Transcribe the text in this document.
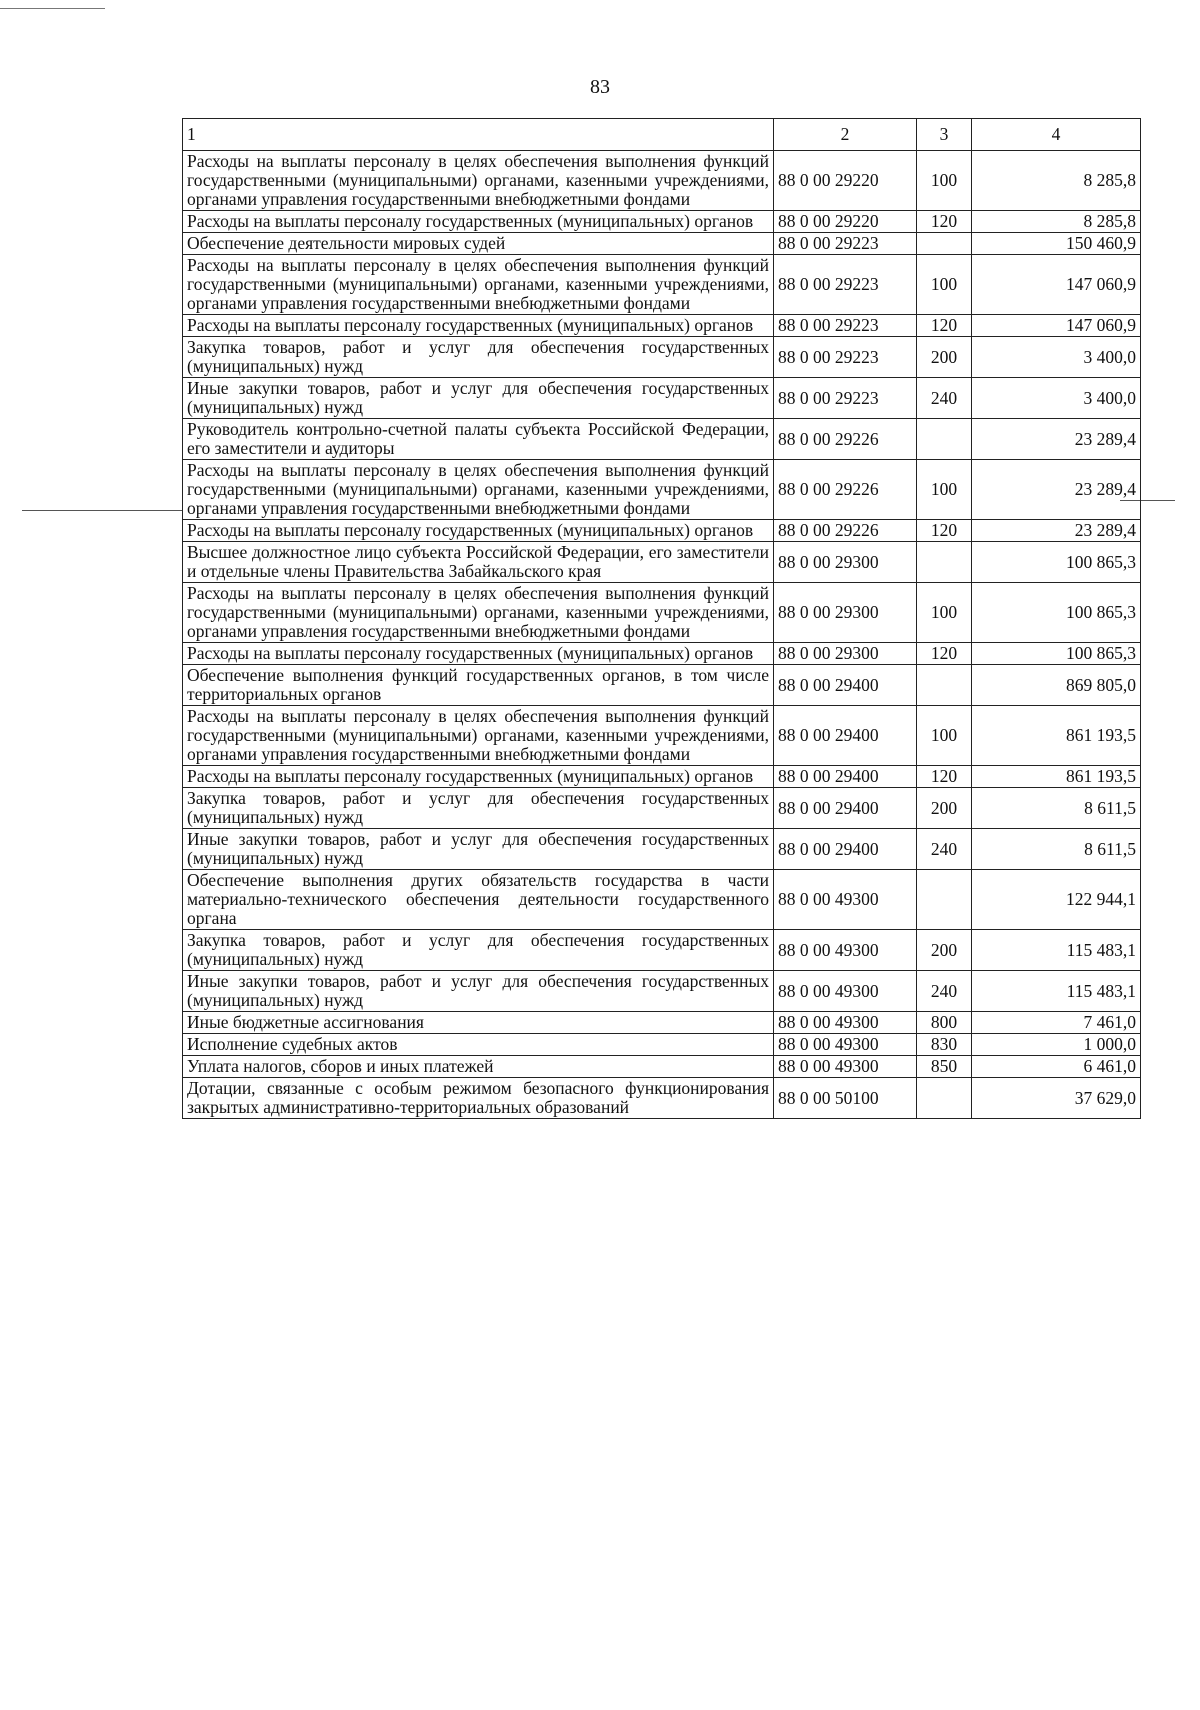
83
1	2	3	4
Расходы на выплаты персоналу в целях обеспечения выполнения функций государственными (муниципальными) органами, казенными учреждениями, органами управления государственными внебюджетными фондами	88 0 00 29220	100	8 285,8
Расходы на выплаты персоналу государственных (муниципальных) органов	88 0 00 29220	120	8 285,8
Обеспечение деятельности мировых судей	88 0 00 29223		150 460,9
Расходы на выплаты персоналу в целях обеспечения выполнения функций государственными (муниципальными) органами, казенными учреждениями, органами управления государственными внебюджетными фондами	88 0 00 29223	100	147 060,9
Расходы на выплаты персоналу государственных (муниципальных) органов	88 0 00 29223	120	147 060,9
Закупка товаров, работ и услуг для обеспечения государственных (муниципальных) нужд	88 0 00 29223	200	3 400,0
Иные закупки товаров, работ и услуг для обеспечения государственных (муниципальных) нужд	88 0 00 29223	240	3 400,0
Руководитель контрольно-счетной палаты субъекта Российской Федерации, его заместители и аудиторы	88 0 00 29226		23 289,4
Расходы на выплаты персоналу в целях обеспечения выполнения функций государственными (муниципальными) органами, казенными учреждениями, органами управления государственными внебюджетными фондами	88 0 00 29226	100	23 289,4
Расходы на выплаты персоналу государственных (муниципальных) органов	88 0 00 29226	120	23 289,4
Высшее должностное лицо субъекта Российской Федерации, его заместители и отдельные члены Правительства Забайкальского края	88 0 00 29300		100 865,3
Расходы на выплаты персоналу в целях обеспечения выполнения функций государственными (муниципальными) органами, казенными учреждениями, органами управления государственными внебюджетными фондами	88 0 00 29300	100	100 865,3
Расходы на выплаты персоналу государственных (муниципальных) органов	88 0 00 29300	120	100 865,3
Обеспечение выполнения функций государственных органов, в том числе территориальных органов	88 0 00 29400		869 805,0
Расходы на выплаты персоналу в целях обеспечения выполнения функций государственными (муниципальными) органами, казенными учреждениями, органами управления государственными внебюджетными фондами	88 0 00 29400	100	861 193,5
Расходы на выплаты персоналу государственных (муниципальных) органов	88 0 00 29400	120	861 193,5
Закупка товаров, работ и услуг для обеспечения государственных (муниципальных) нужд	88 0 00 29400	200	8 611,5
Иные закупки товаров, работ и услуг для обеспечения государственных (муниципальных) нужд	88 0 00 29400	240	8 611,5
Обеспечение выполнения других обязательств государства в части материально-технического обеспечения деятельности государственного органа	88 0 00 49300		122 944,1
Закупка товаров, работ и услуг для обеспечения государственных (муниципальных) нужд	88 0 00 49300	200	115 483,1
Иные закупки товаров, работ и услуг для обеспечения государственных (муниципальных) нужд	88 0 00 49300	240	115 483,1
Иные бюджетные ассигнования	88 0 00 49300	800	7 461,0
Исполнение судебных актов	88 0 00 49300	830	1 000,0
Уплата налогов, сборов и иных платежей	88 0 00 49300	850	6 461,0
Дотации, связанные с особым режимом безопасного функционирования закрытых административно-территориальных образований	88 0 00 50100		37 629,0
